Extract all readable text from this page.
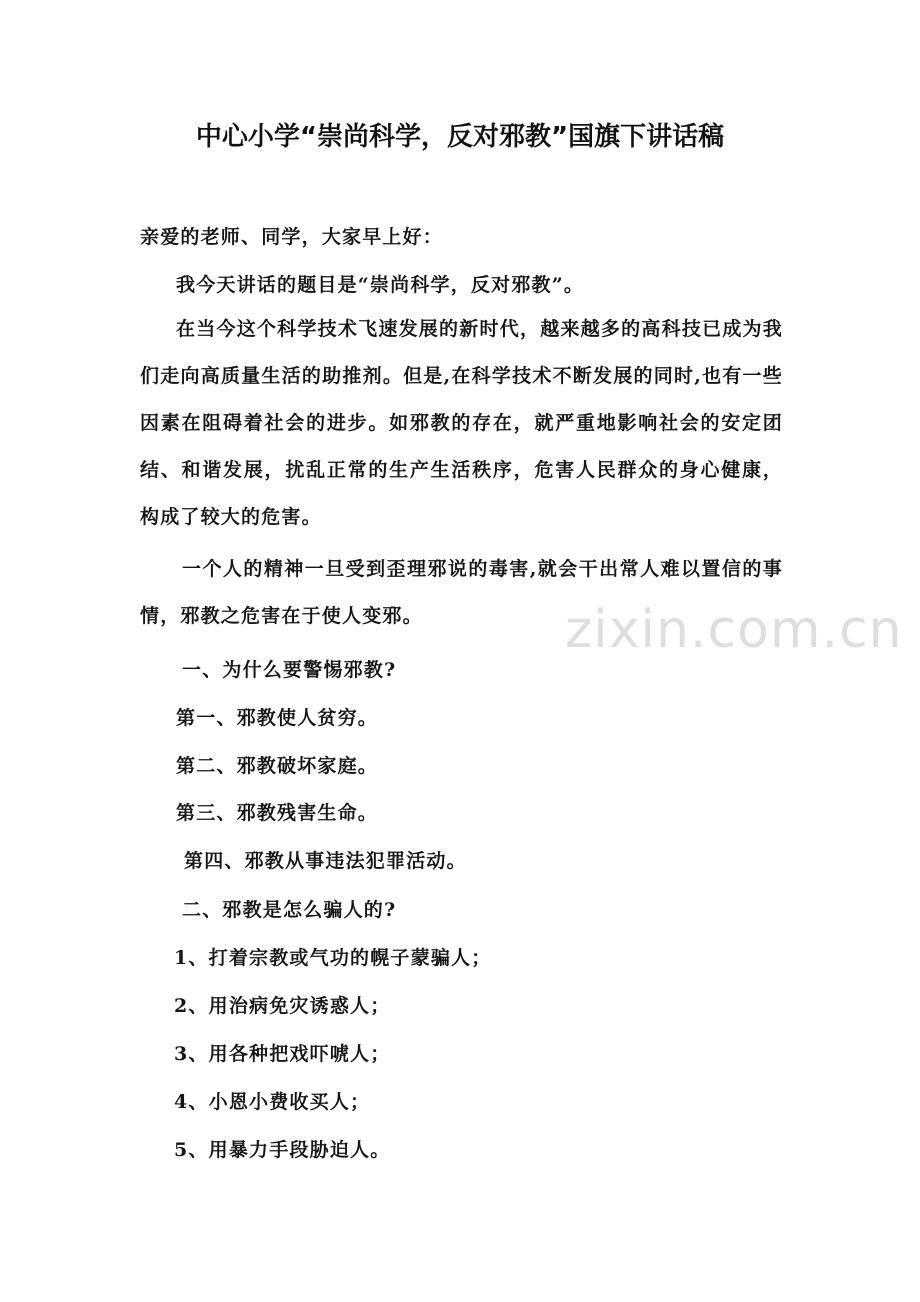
中心小学“崇尚科学，反对邪教”国旗下讲话稿
亲爱的老师、同学，大家早上好：
我今天讲话的题目是“崇尚科学，反对邪教”。
在当今这个科学技术飞速发展的新时代，越来越多的高科技已成为我们走向高质量生活的助推剂。但是,在科学技术不断发展的同时,也有一些因素在阻碍着社会的进步。如邪教的存在，就严重地影响社会的安定团结、和谐发展，扰乱正常的生产生活秩序，危害人民群众的身心健康，构成了较大的危害。
一个人的精神一旦受到歪理邪说的毒害,就会干出常人难以置信的事情，邪教之危害在于使人变邪。
一、为什么要警惕邪教?
第一、邪教使人贫穷。
第二、邪教破坏家庭。
第三、邪教残害生命。
第四、邪教从事违法犯罪活动。
二、邪教是怎么骗人的?
1、打着宗教或气功的幌子蒙骗人；
2、用治病免灾诱惑人；
3、用各种把戏吓唬人；
4、小恩小费收买人；
5、用暴力手段胁迫人。
zixin.com.cn
